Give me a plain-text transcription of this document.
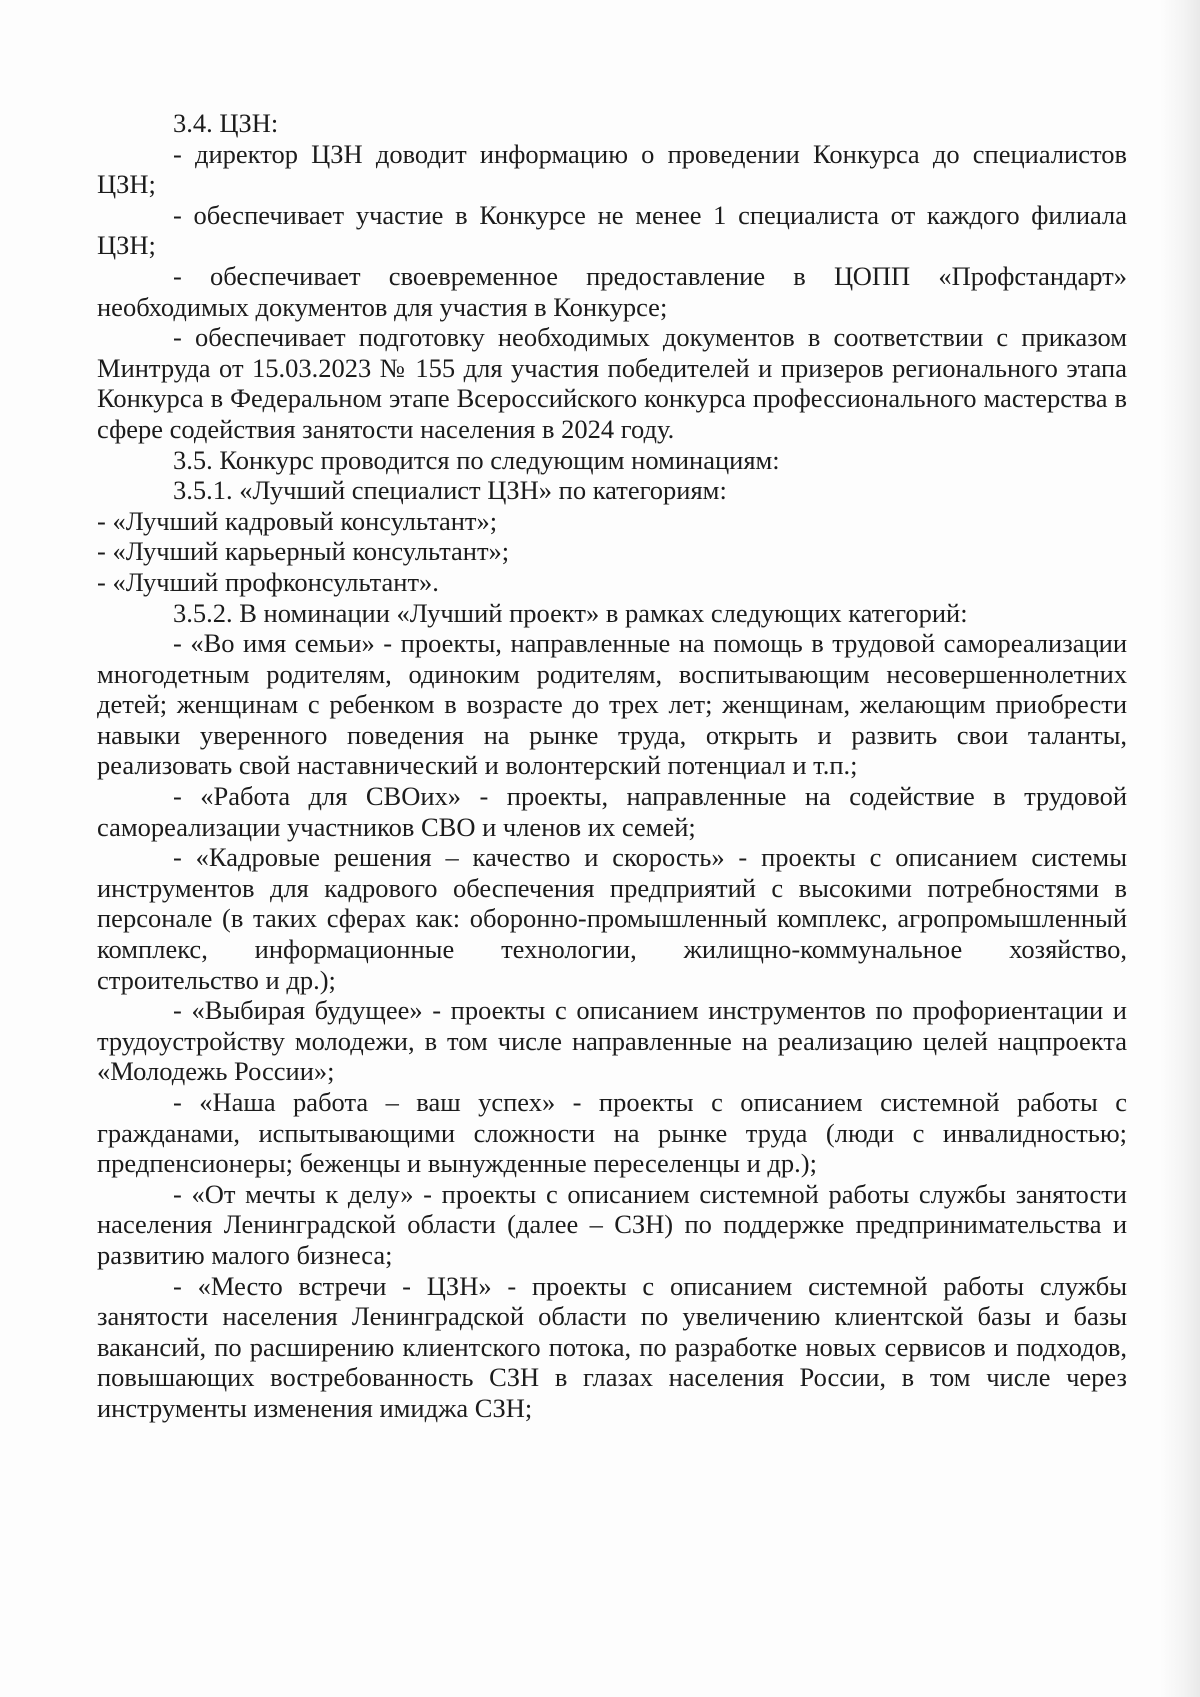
3.4. ЦЗН:

- директор ЦЗН доводит информацию о проведении Конкурса до специалистов ЦЗН;

- обеспечивает участие в Конкурсе не менее 1 специалиста от каждого филиала ЦЗН;

- обеспечивает своевременное предоставление в ЦОПП «Профстандарт» необходимых документов для участия в Конкурсе;

- обеспечивает подготовку необходимых документов в соответствии с приказом Минтруда от 15.03.2023 № 155 для участия победителей и призеров регионального этапа Конкурса в Федеральном этапе Всероссийского конкурса профессионального мастерства в сфере содействия занятости населения в 2024 году.

3.5. Конкурс проводится по следующим номинациям:

3.5.1. «Лучший специалист ЦЗН» по категориям:

- «Лучший кадровый консультант»;

- «Лучший карьерный консультант»;

- «Лучший профконсультант».

3.5.2. В номинации «Лучший проект» в рамках следующих категорий:

- «Во имя семьи» - проекты, направленные на помощь в трудовой самореализации многодетным родителям, одиноким родителям, воспитывающим несовершеннолетних детей; женщинам с ребенком в возрасте до трех лет; женщинам, желающим приобрести навыки уверенного поведения на рынке труда, открыть и развить свои таланты, реализовать свой наставнический и волонтерский потенциал и т.п.;

- «Работа для СВОих» - проекты, направленные на содействие в трудовой самореализации участников СВО и членов их семей;

- «Кадровые решения – качество и скорость» - проекты с описанием системы инструментов для кадрового обеспечения предприятий с высокими потребностями в персонале (в таких сферах как: оборонно-промышленный комплекс, агропромышленный комплекс, информационные технологии, жилищно-коммунальное хозяйство, строительство и др.);

- «Выбирая будущее» - проекты с описанием инструментов по профориентации и трудоустройству молодежи, в том числе направленные на реализацию целей нацпроекта «Молодежь России»;

- «Наша работа – ваш успех» - проекты с описанием системной работы с гражданами, испытывающими сложности на рынке труда (люди с инвалидностью; предпенсионеры; беженцы и вынужденные переселенцы и др.);

- «От мечты к делу» - проекты с описанием системной работы службы занятости населения Ленинградской области (далее – СЗН) по поддержке предпринимательства и развитию малого бизнеса;

- «Место встречи - ЦЗН» - проекты с описанием системной работы службы занятости населения Ленинградской области по увеличению клиентской базы и базы вакансий, по расширению клиентского потока, по разработке новых сервисов и подходов, повышающих востребованность СЗН в глазах населения России, в том числе через инструменты изменения имиджа СЗН;
